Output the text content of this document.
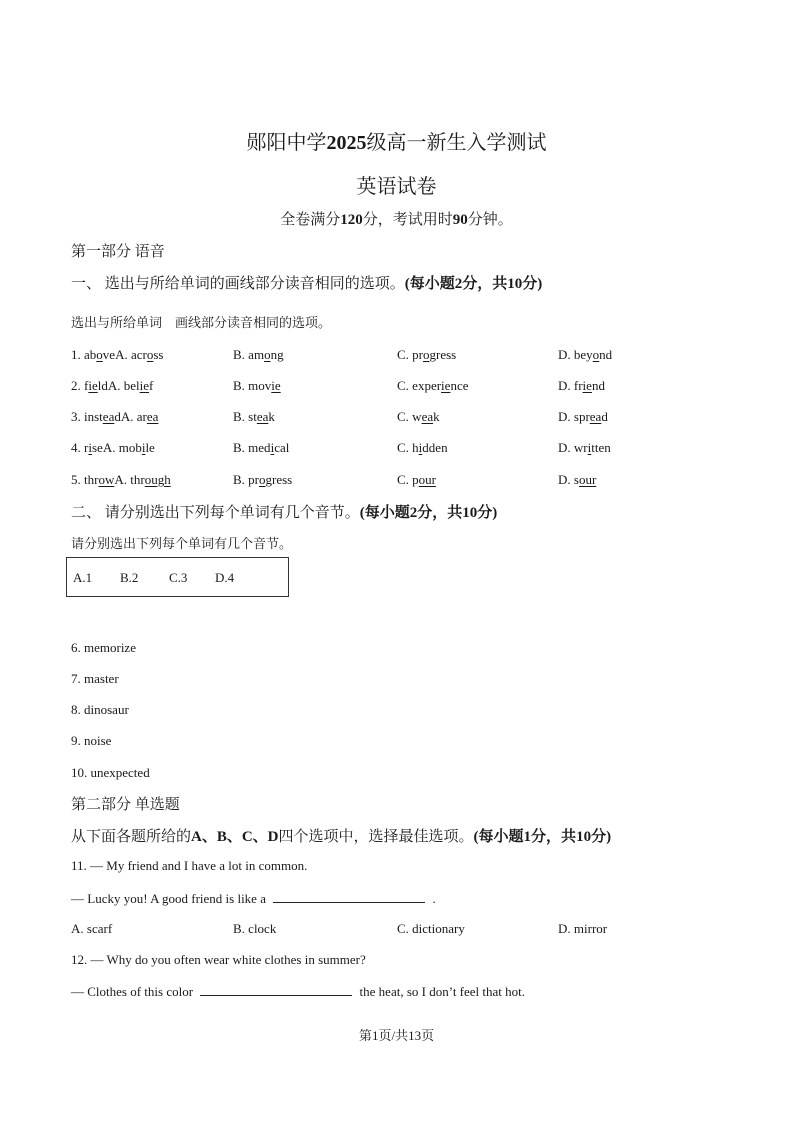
郧阳中学2025级高一新生入学测试
英语试卷
全卷满分120分，考试用时90分钟。
第一部分 语音
一、 选出与所给单词的画线部分读音相同的选项。(每小题2分，共10分)
选出与所给单词　画线部分读音相同的选项。
1. aboveA. across	B. among	C. progress	D. beyond
2. fieldA. belief	B. movie	C. experience	D. friend
3. insteadA. area	B. steak	C. weak	D. spread
4. riseA. mobile	B. medical	C. hidden	D. written
5. throwA. through	B. progress	C. pour	D. sour
二、 请分别选出下列每个单词有几个音节。(每小题2分，共10分)
请分别选出下列每个单词有几个音节。
A.1 B.2 C.3 D.4
6. memorize
7. master
8. dinosaur
9. noise
10. unexpected
第二部分 单选题
从下面各题所给的A、B、C、D四个选项中，选择最佳选项。(每小题1分，共10分)
11. — My friend and I have a lot in common.
— Lucky you! A good friend is like a	.
A. scarf	B. clock	C. dictionary	D. mirror
12. — Why do you often wear white clothes in summer?
— Clothes of this color	the heat, so I don’t feel that hot.
第1页/共13页
